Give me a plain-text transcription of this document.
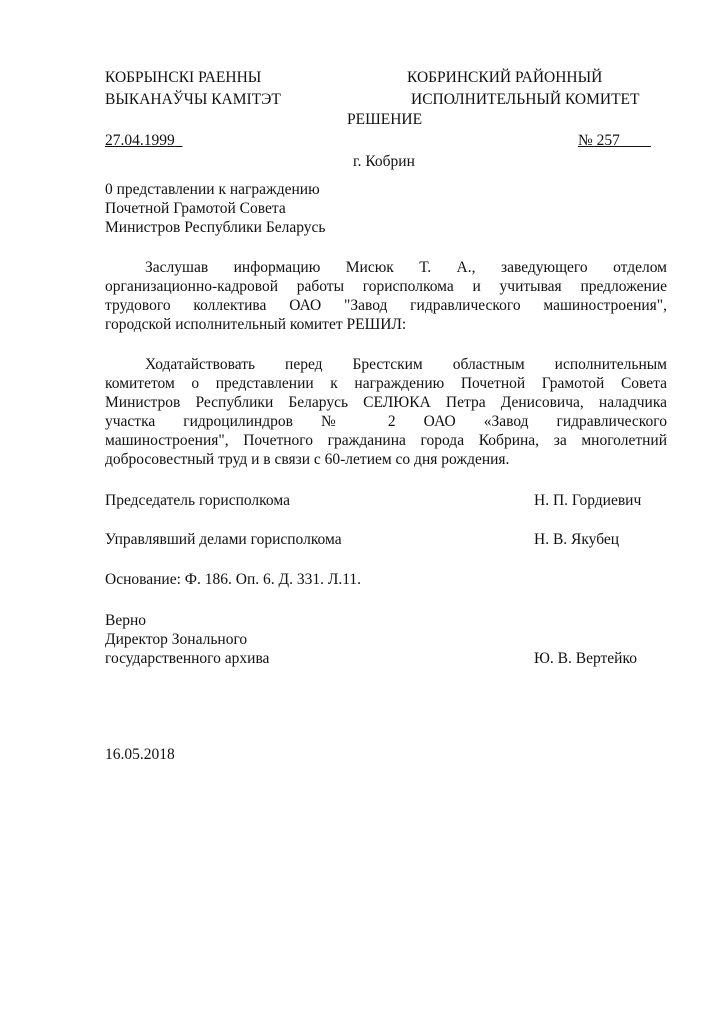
КОБРЫНСКІ РАЕННЫ
ВЫКАНАЎЧЫ КАМІТЭТ
КОБРИНСКИЙ РАЙОННЫЙ
ИСПОЛНИТЕЛЬНЫЙ КОМИТЕТ
РЕШЕНИЕ
27.04.1999	№ 257
г. Кобрин
0 представлении к награждению
Почетной Грамотой Совета
Министров Республики Беларусь
Заслушав информацию Мисюк Т. А., заведующего отделом
организационно-кадровой работы горисполкома и учитывая предложение
трудового коллектива ОАО "Завод гидравлического машиностроения",
городской исполнительный комитет РЕШИЛ:
Ходатайствовать перед Брестским областным исполнительным
комитетом о представлении к награждению Почетной Грамотой Совета
Министров Республики Беларусь СЕЛЮКА Петра Денисовича, наладчика
участка гидроцилиндров № 2 ОАО «Завод гидравлического
машиностроения", Почетного гражданина города Кобрина, за многолетний
добросовестный труд и в связи с 60-летием со дня рождения.
Председатель горисполкома	Н. П. Гордиевич
Управлявший делами горисполкома	Н. В. Якубец
Основание: Ф. 186. Оп. 6. Д. 331. Л.11.
Верно
Директор Зонального
государственного архива	Ю. В. Вертейко
16.05.2018
